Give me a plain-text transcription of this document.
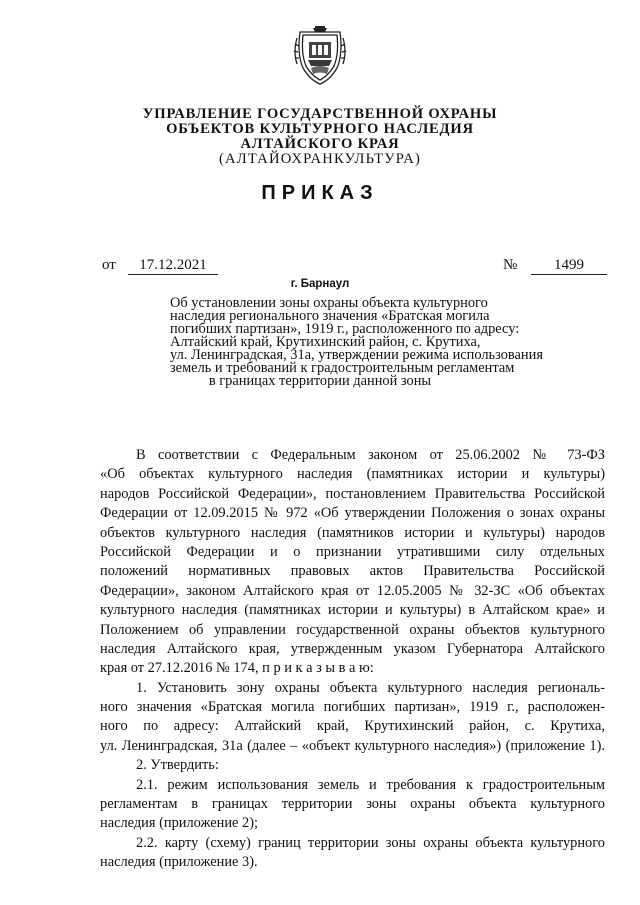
УПРАВЛЕНИЕ ГОСУДАРСТВЕННОЙ ОХРАНЫ
ОБЪЕКТОВ КУЛЬТУРНОГО НАСЛЕДИЯ
АЛТАЙСКОГО КРАЯ
(АЛТАЙОХРАНКУЛЬТУРА)
ПРИКАЗ
от	17.12.2021	№	1499
г. Барнаул
Об установлении зоны охраны объекта культурного
наследия регионального значения «Братская могила
погибших партизан», 1919 г., расположенного по адресу:
Алтайский край, Крутихинский район, с. Крутиха,
ул. Ленинградская, 31а, утверждении режима использования
земель и требований к градостроительным регламентам
в границах территории данной зоны
В соответствии с Федеральным законом от 25.06.2002 № 73-ФЗ
«Об объектах культурного наследия (памятниках истории и культуры)
народов Российской Федерации», постановлением Правительства Российской
Федерации от 12.09.2015 № 972 «Об утверждении Положения о зонах охраны
объектов культурного наследия (памятников истории и культуры) народов
Российской Федерации и о признании утратившими силу отдельных
положений нормативных правовых актов Правительства Российской
Федерации», законом Алтайского края от 12.05.2005 № 32-ЗС «Об объектах
культурного наследия (памятниках истории и культуры) в Алтайском крае» и
Положением об управлении государственной охраны объектов культурного
наследия Алтайского края, утвержденным указом Губернатора Алтайского
края от 27.12.2016 № 174, п р и к а з ы в а ю:
1. Установить зону охраны объекта культурного наследия региональ-
ного значения «Братская могила погибших партизан», 1919 г., расположен-
ного по адресу: Алтайский край, Крутихинский район, с. Крутиха,
ул. Ленинградская, 31а (далее – «объект культурного наследия») (приложение 1).
2. Утвердить:
2.1. режим использования земель и требования к градостроительным
регламентам в границах территории зоны охраны объекта культурного
наследия (приложение 2);
2.2. карту (схему) границ территории зоны охраны объекта культурного
наследия (приложение 3).
